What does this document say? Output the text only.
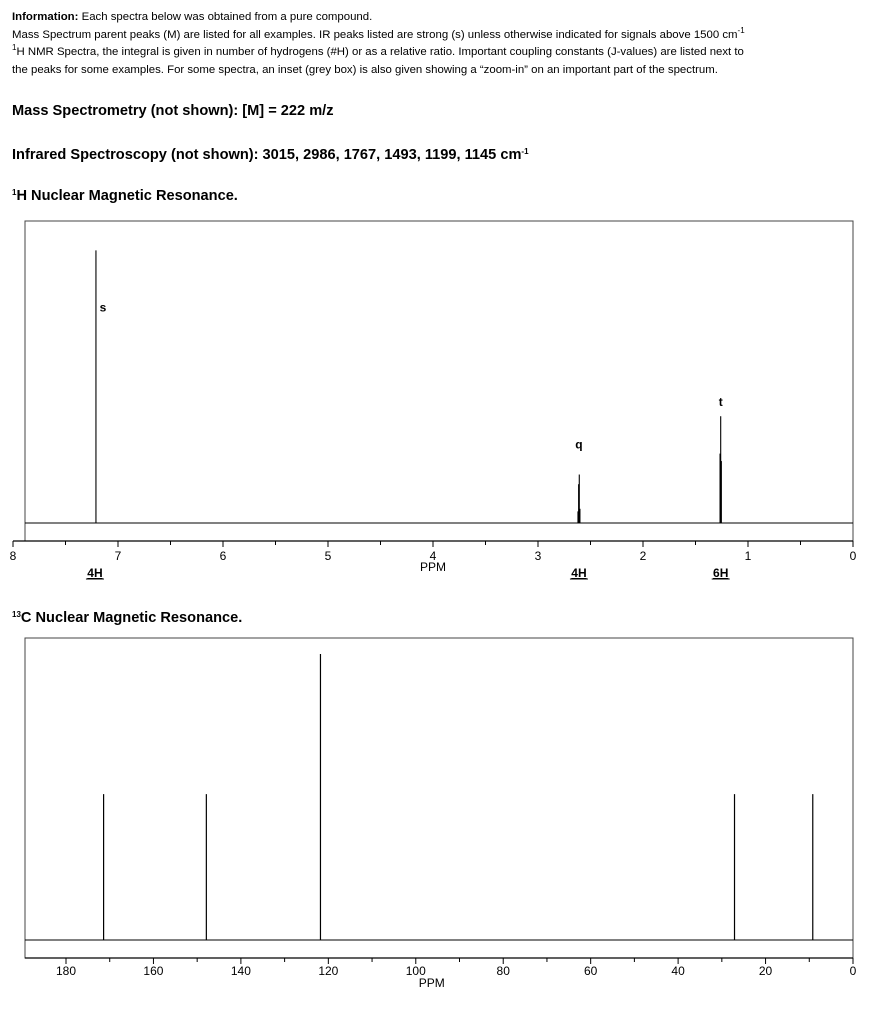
Information: Each spectra below was obtained from a pure compound.
Mass Spectrum parent peaks (M) are listed for all examples. IR peaks listed are strong (s) unless otherwise indicated for signals above 1500 $cm^{-1}$
$^1$H NMR Spectra, the integral is given in number of hydrogens (#H) or as a relative ratio. Important coupling constants (J-values) are listed next to
the peaks for some examples. For some spectra, an inset (grey box) is also given showing a “zoom-in” on an important part of the spectrum.
Mass Spectrometry (not shown): [M] = 222 m/z
Infrared Spectroscopy (not shown): 3015, 2986, 1767, 1493, 1199, 1145 $cm^{-1}$
$^1$H Nuclear Magnetic Resonance.
$^{13}$C Nuclear Magnetic Resonance.
8	7	6	5	4	3	2	1	0
PPM
s
4H
q
4H
t
6H
180	160	140	120	100	80	60	40	20	0
PPM
